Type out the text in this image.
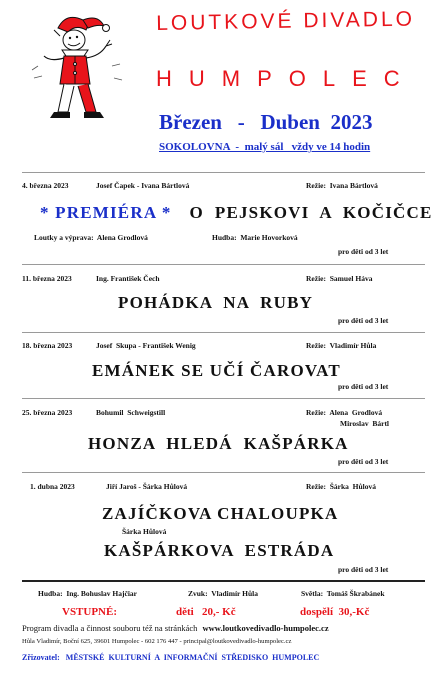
LOUTKOVÉ DIVADLO
HUMPOLEC
Březen   -   Duben  2023
SOKOLOVNA  -  malý sál   vždy ve 14 hodin
4. března 2023	Josef Čapek - Ivana Bártlová	Režie:  Ivana Bártlová
* PREMIÉRA * O  PEJSKOVI  A  KOČIČCE
Loutky a výprava:  Alena Grodlová	Hudba:  Marie Hovorková
pro děti od 3 let
11. března 2023	Ing. František Čech	Režie:  Samuel Háva
POHÁDKA  NA  RUBY
pro děti od 3 let
18. března 2023	Josef  Skupa - František Wenig	Režie:  Vladimír Hůla
EMÁNEK SE UČÍ ČAROVAT
pro děti od 3 let
25. března 2023	Bohumil  Schweigstill	Režie:  Alena  Grodlová
Miroslav  Bártl
HONZA  HLEDÁ  KAŠPÁRKA
pro děti od 3 let
1. dubna 2023	Jiří Jaroš - Šárka Hůlová	Režie:  Šárka  Hůlová
ZAJÍČKOVA CHALOUPKA
Šárka Hůlová
KAŠPÁRKOVA  ESTRÁDA
pro děti od 3 let
Hudba:  Ing. Bohuslav Hajčiar	Zvuk:  Vladimír Hůla	Světla:  Tomáš Škrabánek
VSTUPNÉ:	děti   20,- Kč	dospělí  30,-Kč
Program divadla a činnost souboru též na stránkách www.loutkovedivadlo-humpolec.cz
Hůla Vladimír, Boční 625, 39601 Humpolec - 602 176 447 - principal@loutkovedivadlo-humpolec.cz
Zřizovatel:   MĚSTSKÉ  KULTURNÍ  A  INFORMAČNÍ  STŘEDISKO  HUMPOLEC
